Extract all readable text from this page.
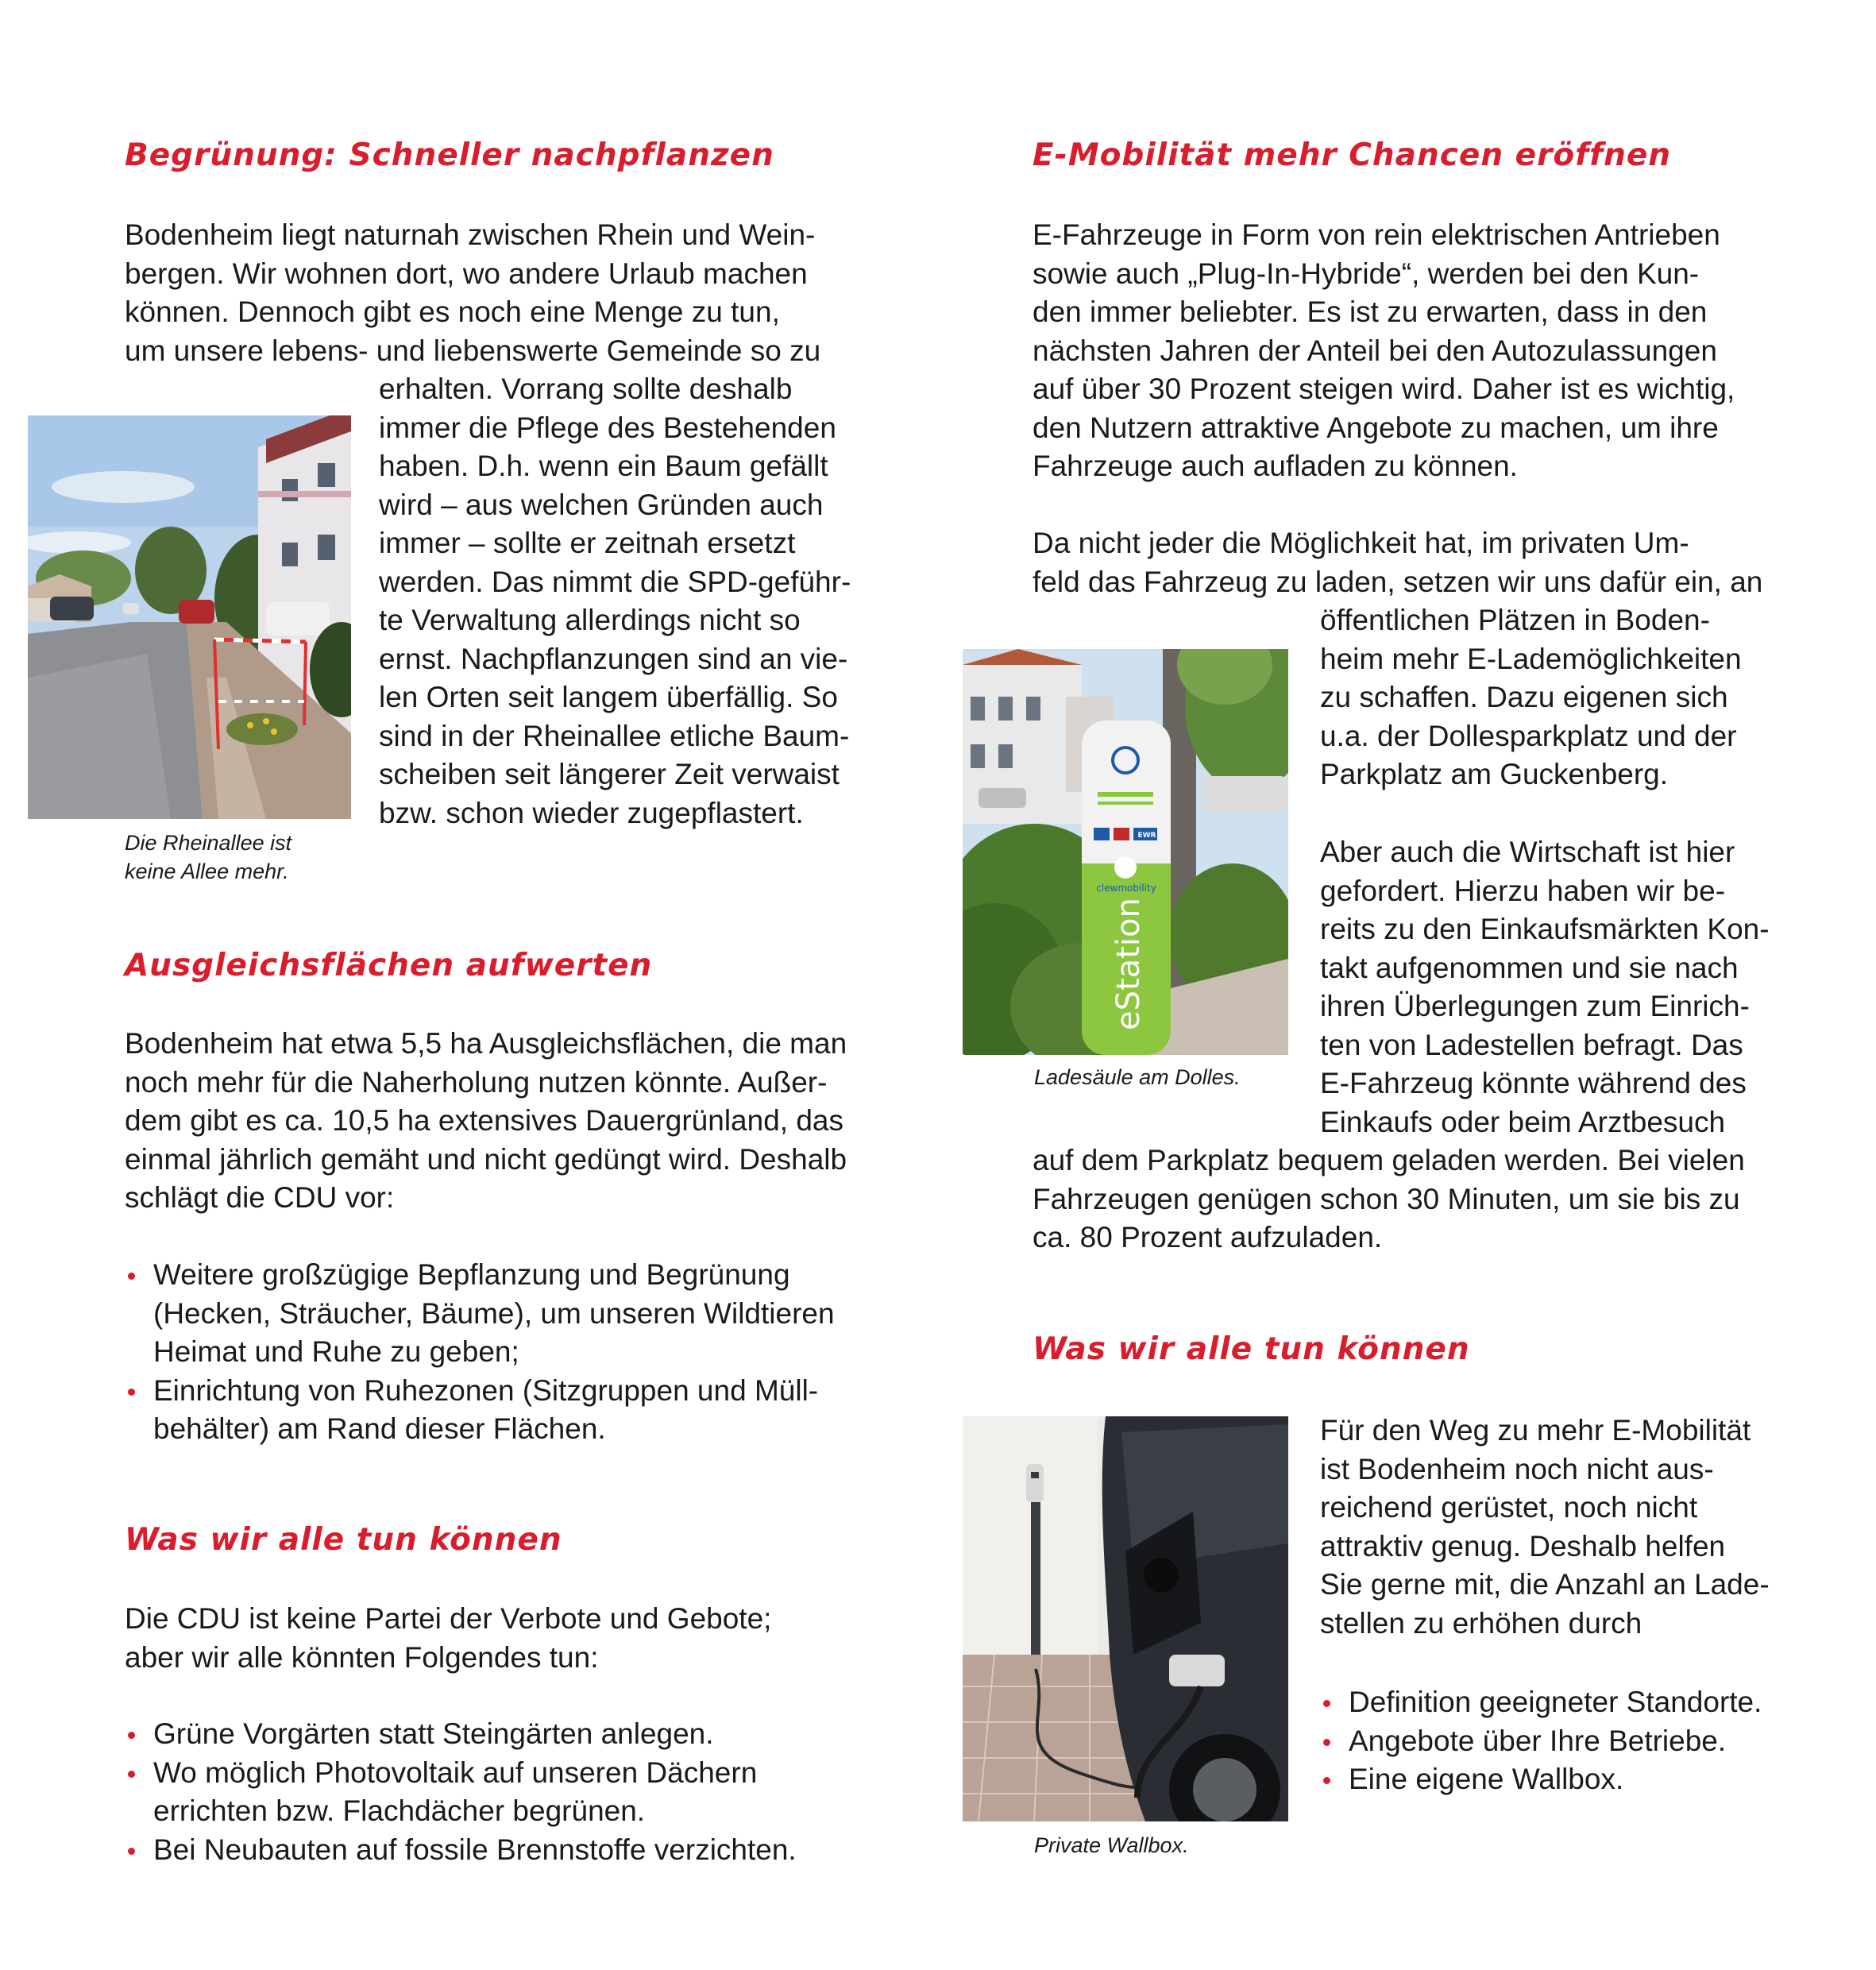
Begrünung: Schneller nachpflanzen
Bodenheim liegt naturnah zwischen Rhein und Wein-
bergen. Wir wohnen dort, wo andere Urlaub machen
können. Dennoch gibt es noch eine Menge zu tun,
um unsere lebens- und liebenswerte Gemeinde so zu
erhalten. Vorrang sollte deshalb
immer die Pflege des Bestehenden
haben. D.h. wenn ein Baum gefällt
wird – aus welchen Gründen auch
immer – sollte er zeitnah ersetzt
werden. Das nimmt die SPD-geführ-
te Verwaltung allerdings nicht so
ernst. Nachpflanzungen sind an vie-
len Orten seit langem überfällig. So
sind in der Rheinallee etliche Baum-
scheiben seit längerer Zeit verwaist
bzw. schon wieder zugepflastert.
Die Rheinallee ist
keine Allee mehr.
Ausgleichsflächen aufwerten
Bodenheim hat etwa 5,5 ha Ausgleichsflächen, die man
noch mehr für die Naherholung nutzen könnte. Außer-
dem gibt es ca. 10,5 ha extensives Dauergrünland, das
einmal jährlich gemäht und nicht gedüngt wird. Deshalb
schlägt die CDU vor:
Weitere großzügige Bepflanzung und Begrünung
(Hecken, Sträucher, Bäume), um unseren Wildtieren
Heimat und Ruhe zu geben;
Einrichtung von Ruhezonen (Sitzgruppen und Müll-
behälter) am Rand dieser Flächen.
Was wir alle tun können
Die CDU ist keine Partei der Verbote und Gebote;
aber wir alle könnten Folgendes tun:
Grüne Vorgärten statt Steingärten anlegen.
Wo möglich Photovoltaik auf unseren Dächern
errichten bzw. Flachdächer begrünen.
Bei Neubauten auf fossile Brennstoffe verzichten.
E-Mobilität mehr Chancen eröffnen
E-Fahrzeuge in Form von rein elektrischen Antrieben
sowie auch „Plug-In-Hybride“, werden bei den Kun-
den immer beliebter. Es ist zu erwarten, dass in den
nächsten Jahren der Anteil bei den Autozulassungen
auf über 30 Prozent steigen wird. Daher ist es wichtig,
den Nutzern attraktive Angebote zu machen, um ihre
Fahrzeuge auch aufladen zu können.
Da nicht jeder die Möglichkeit hat, im privaten Um-
feld das Fahrzeug zu laden, setzen wir uns dafür ein, an
öffentlichen Plätzen in Boden-
heim mehr E-Lademöglichkeiten
zu schaffen. Dazu eigenen sich
u.a. der Dollesparkplatz und der
Parkplatz am Guckenberg.
Aber auch die Wirtschaft ist hier
gefordert. Hierzu haben wir be-
reits zu den Einkaufsmärkten Kon-
takt aufgenommen und sie nach
ihren Überlegungen zum Einrich-
ten von Ladestellen befragt. Das
E-Fahrzeug könnte während des
Einkaufs oder beim Arztbesuch
auf dem Parkplatz bequem geladen werden. Bei vielen
Fahrzeugen genügen schon 30 Minuten, um sie bis zu
ca. 80 Prozent aufzuladen.
EWR
clewmobility
eStation
Ladesäule am Dolles.
Was wir alle tun können
Für den Weg zu mehr E-Mobilität
ist Bodenheim noch nicht aus-
reichend gerüstet, noch nicht
attraktiv genug. Deshalb helfen
Sie gerne mit, die Anzahl an Lade-
stellen zu erhöhen durch
Definition geeigneter Standorte.
Angebote über Ihre Betriebe.
Eine eigene Wallbox.
Private Wallbox.
